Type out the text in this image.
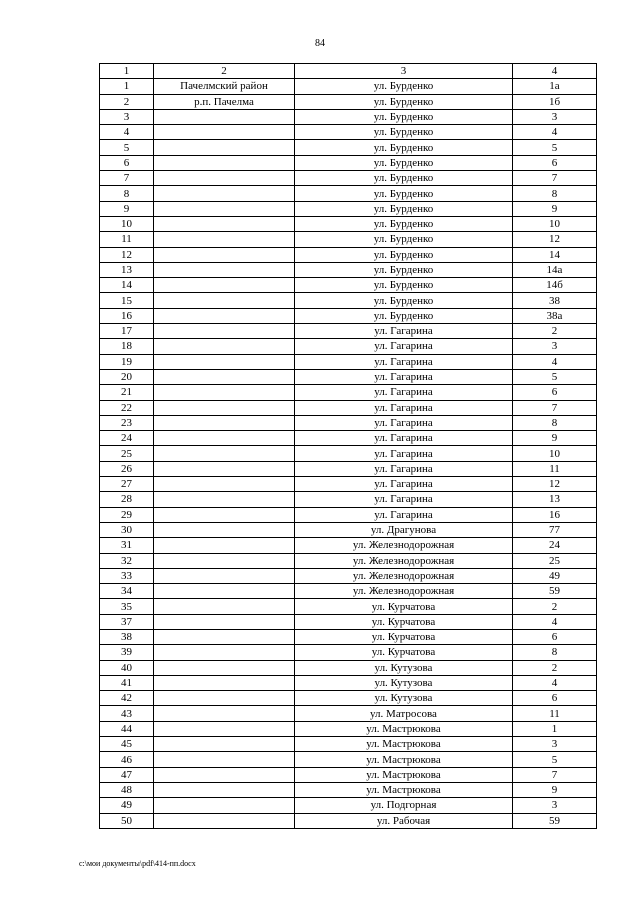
84
1	2	3	4
1	Пачелмский район	ул. Бурденко	1а
2	р.п. Пачелма	ул. Бурденко	1б
3		ул. Бурденко	3
4		ул. Бурденко	4
5		ул. Бурденко	5
6		ул. Бурденко	6
7		ул. Бурденко	7
8		ул. Бурденко	8
9		ул. Бурденко	9
10		ул. Бурденко	10
11		ул. Бурденко	12
12		ул. Бурденко	14
13		ул. Бурденко	14а
14		ул. Бурденко	14б
15		ул. Бурденко	38
16		ул. Бурденко	38а
17		ул. Гагарина	2
18		ул. Гагарина	3
19		ул. Гагарина	4
20		ул. Гагарина	5
21		ул. Гагарина	6
22		ул. Гагарина	7
23		ул. Гагарина	8
24		ул. Гагарина	9
25		ул. Гагарина	10
26		ул. Гагарина	11
27		ул. Гагарина	12
28		ул. Гагарина	13
29		ул. Гагарина	16
30		ул. Драгунова	77
31		ул. Железнодорожная	24
32		ул. Железнодорожная	25
33		ул. Железнодорожная	49
34		ул. Железнодорожная	59
35		ул. Курчатова	2
37		ул. Курчатова	4
38		ул. Курчатова	6
39		ул. Курчатова	8
40		ул. Кутузова	2
41		ул. Кутузова	4
42		ул. Кутузова	6
43		ул. Матросова	11
44		ул. Мастрюкова	1
45		ул. Мастрюкова	3
46		ул. Мастрюкова	5
47		ул. Мастрюкова	7
48		ул. Мастрюкова	9
49		ул. Подгорная	3
50		ул. Рабочая	59
c:\мои документы\pdf\414-пп.docx
